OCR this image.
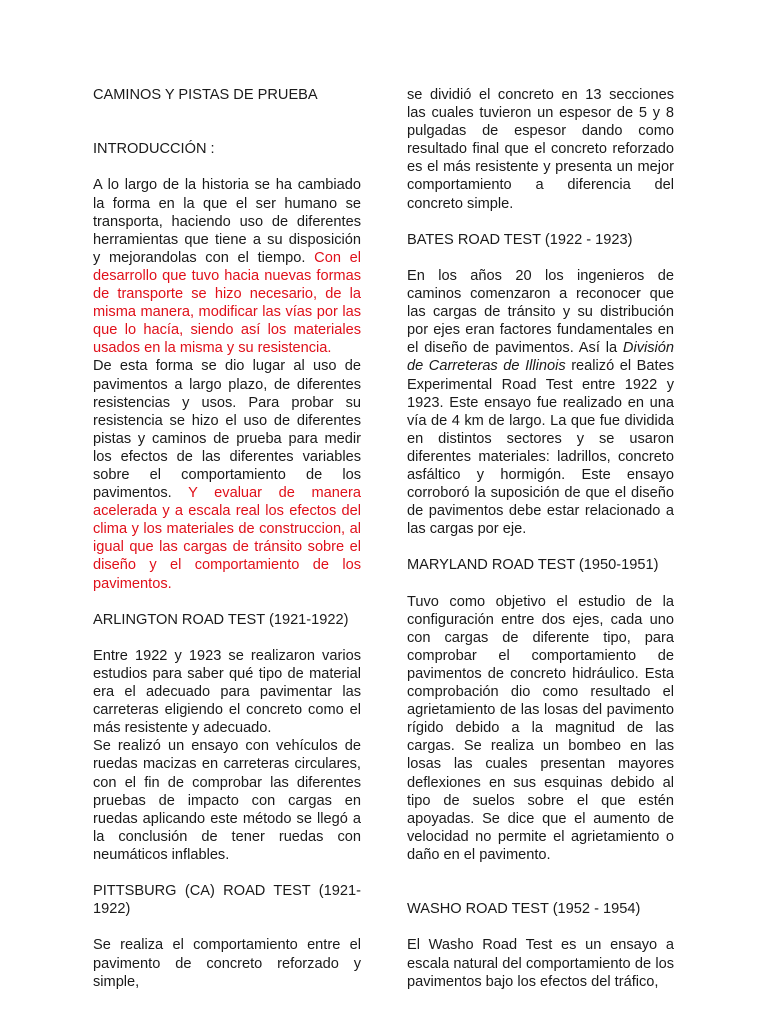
CAMINOS Y PISTAS DE PRUEBA

INTRODUCCIÓN :

A lo largo de la historia se ha cambiado la forma en la que el ser humano se transporta, haciendo uso de diferentes herramientas que tiene a su disposición y mejorandolas con el tiempo. Con el desarrollo que tuvo hacia nuevas formas de transporte se hizo necesario, de la misma manera, modificar las vías por las que lo hacía, siendo así los materiales usados en la misma y su resistencia.

De esta forma se dio lugar al uso de pavimentos a largo plazo, de diferentes resistencias y usos. Para probar su resistencia se hizo el uso de diferentes pistas y caminos de prueba para medir los efectos de las diferentes variables sobre el comportamiento de los pavimentos. Y evaluar de manera acelerada y a escala real los efectos del clima y los materiales de construccion, al igual que las cargas de tránsito sobre el diseño y el comportamiento de los pavimentos.

ARLINGTON ROAD TEST (1921-1922)

Entre 1922 y 1923 se realizaron varios estudios para saber qué tipo de material era el adecuado para pavimentar las carreteras eligiendo el concreto como el más resistente y adecuado.

Se realizó un ensayo con vehículos de ruedas macizas en carreteras circulares, con el fin de comprobar las diferentes pruebas de impacto con cargas en ruedas aplicando este método se llegó a la conclusión de tener ruedas con neumáticos inflables.

PITTSBURG (CA) ROAD TEST (1921-1922)

Se realiza el comportamiento entre el pavimento de concreto reforzado y simple,

se dividió el concreto en 13 secciones las cuales tuvieron un espesor de 5 y 8 pulgadas de espesor dando como resultado final que el concreto reforzado es el más resistente y presenta un mejor comportamiento a diferencia del concreto simple.

BATES ROAD TEST (1922 - 1923)

En los años 20 los ingenieros de caminos comenzaron a reconocer que las cargas de tránsito y su distribución por ejes eran factores fundamentales en el diseño de pavimentos. Así la División de Carreteras de Illinois realizó el Bates Experimental Road Test entre 1922 y 1923. Este ensayo fue realizado en una vía de 4 km de largo. La que fue dividida en distintos sectores y se usaron diferentes materiales: ladrillos, concreto asfáltico y hormigón. Este ensayo corroboró la suposición de que el diseño de pavimentos debe estar relacionado a las cargas por eje.

MARYLAND ROAD TEST (1950-1951)

Tuvo como objetivo el estudio de la configuración entre dos ejes, cada uno con cargas de diferente tipo, para comprobar el comportamiento de pavimentos de concreto hidráulico. Esta comprobación dio como resultado el agrietamiento de las losas del pavimento rígido debido a la magnitud de las cargas. Se realiza un bombeo en las losas las cuales presentan mayores deflexiones en sus esquinas debido al tipo de suelos sobre el que estén apoyadas. Se dice que el aumento de velocidad no permite el agrietamiento o daño en el pavimento.

WASHO ROAD TEST (1952 - 1954)

El Washo Road Test es un ensayo a escala natural del comportamiento de los pavimentos bajo los efectos del tráfico,
